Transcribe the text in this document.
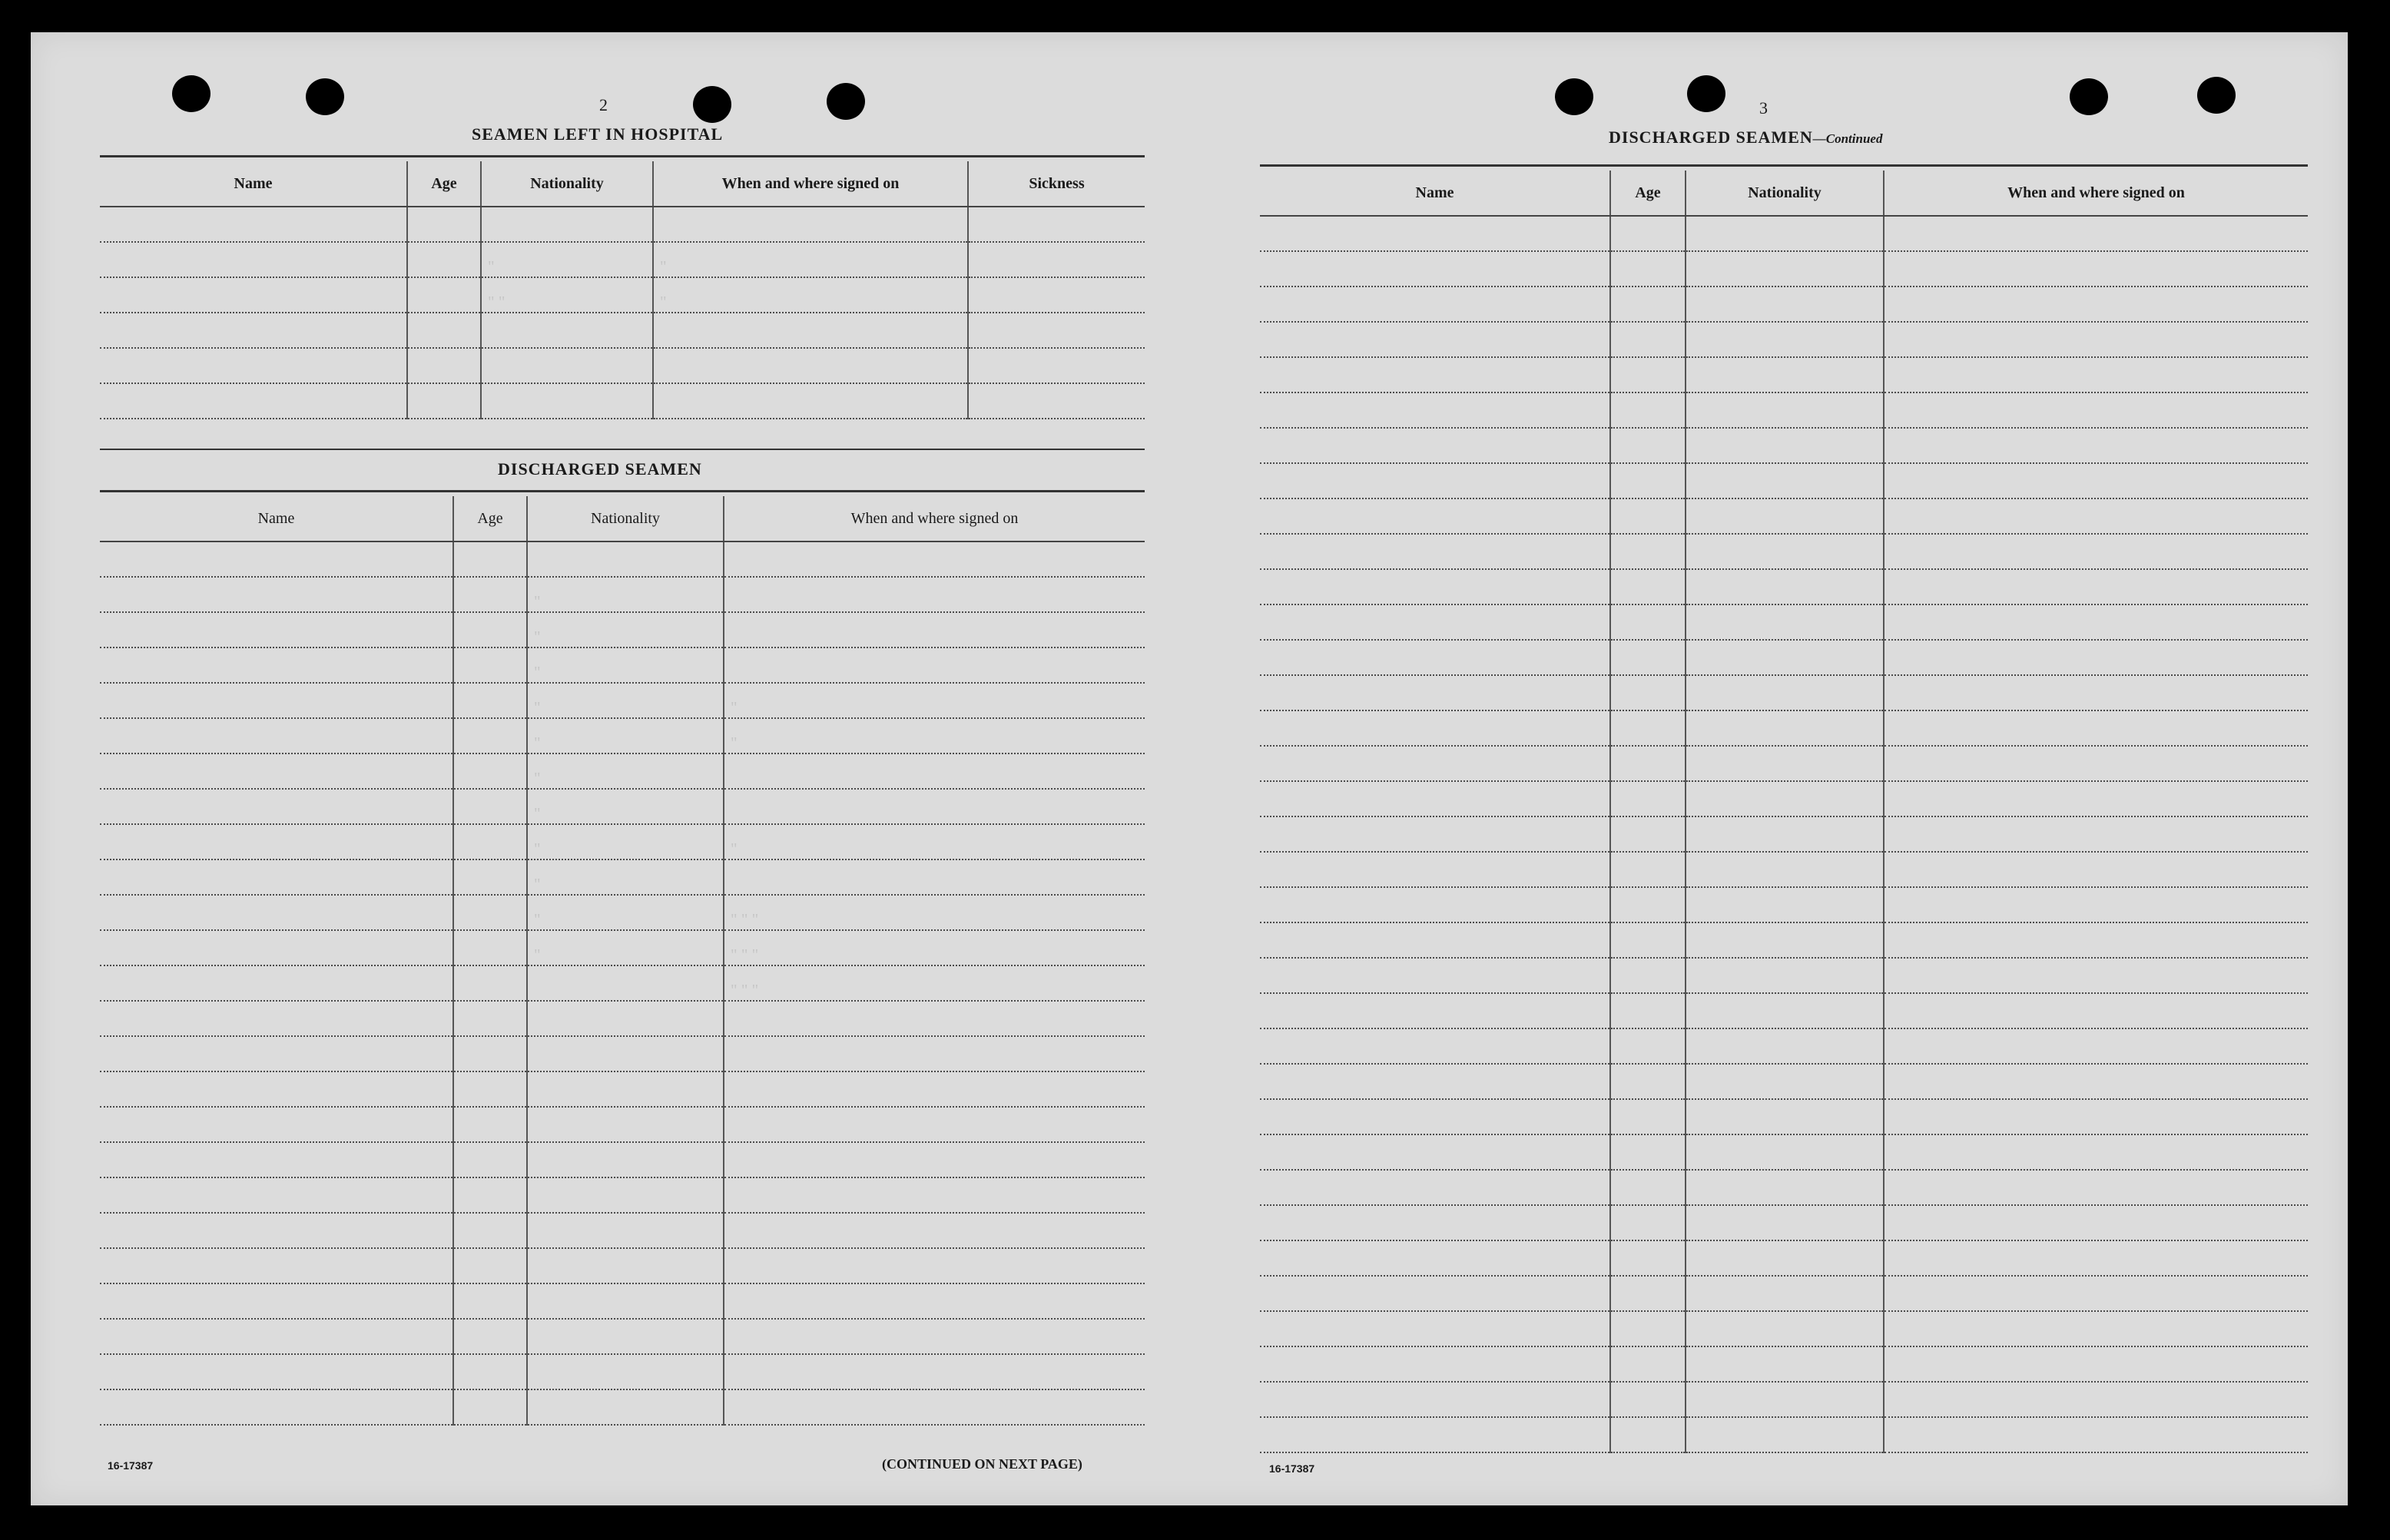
2
SEAMEN LEFT IN HOSPITAL
Name	Age	Nationality	When and where signed on	Sickness

		"	"	
		" "	"	

DISCHARGED SEAMEN
Name	Age	Nationality	When and where signed on

		"	
		"	
		"	
		"	"
		"	"
		"	
		"	
		"	"
		"	
		"	" " "
		"	" " "
			" " "

16-17387	(CONTINUED ON NEXT PAGE)
3
DISCHARGED SEAMEN—Continued
Name	Age	Nationality	When and where signed on

16-17387
